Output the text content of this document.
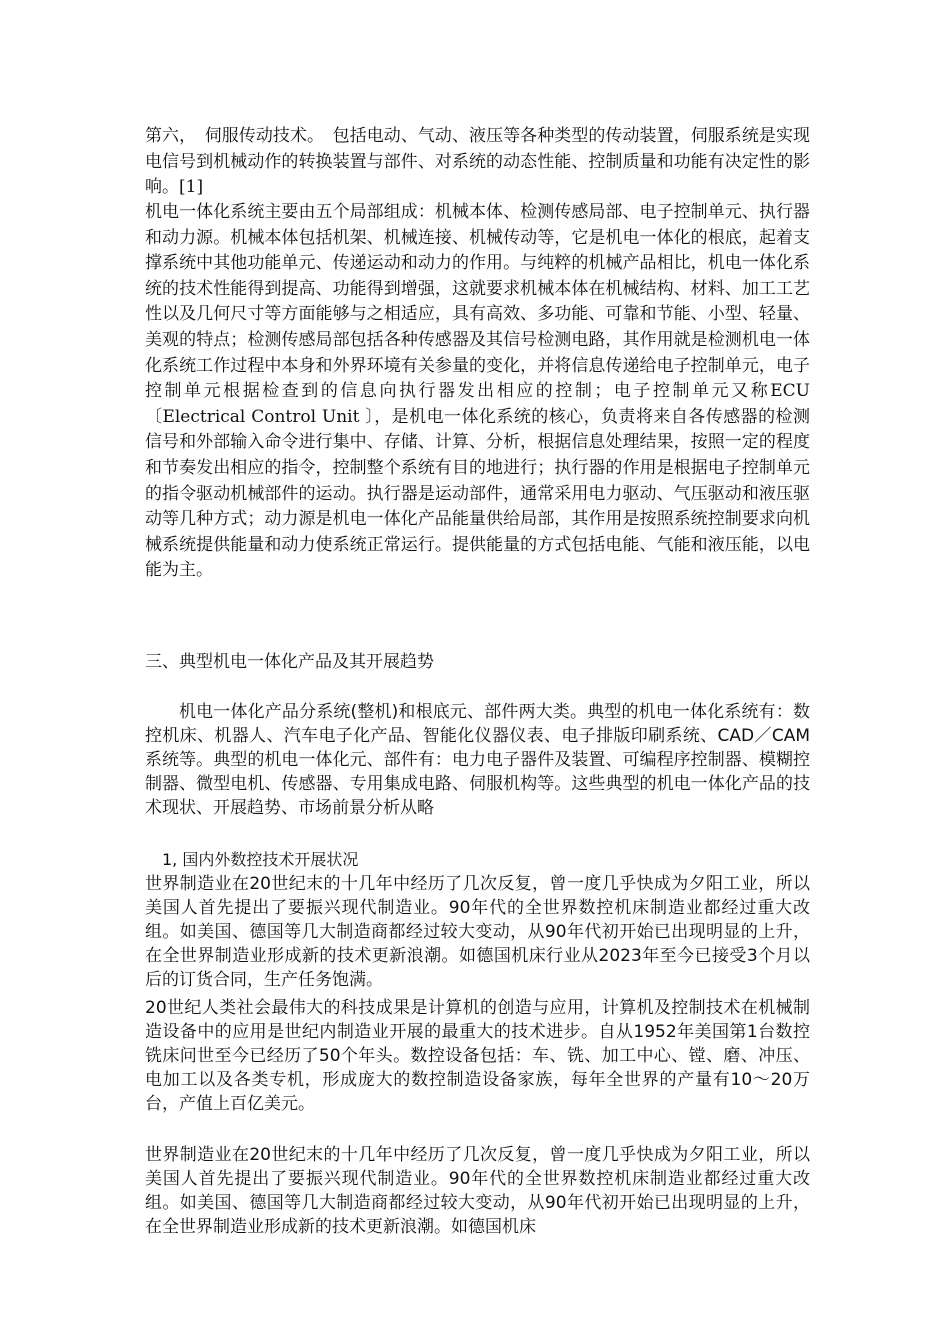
第六，　伺服传动技术。　包括电动、气动、液压等各种类型的传动装置，伺服系统是实现电信号到机械动作的转换装置与部件、对系统的动态性能、控制质量和功能有决定性的影响。[1]

机电一体化系统主要由五个局部组成：机械本体、检测传感局部、电子控制单元、执行器和动力源。机械本体包括机架、机械连接、机械传动等，它是机电一体化的根底，起着支撑系统中其他功能单元、传递运动和动力的作用。与纯粹的机械产品相比，机电一体化系统的技术性能得到提高、功能得到增强，这就要求机械本体在机械结构、材料、加工工艺性以及几何尺寸等方面能够与之相适应，具有高效、多功能、可靠和节能、小型、轻量、美观的特点；检测传感局部包括各种传感器及其信号检测电路，其作用就是检测机电一体化系统工作过程中本身和外界环境有关参量的变化，并将信息传递给电子控制单元，电子控制单元根据检查到的信息向执行器发出相应的控制；电子控制单元又称ECU〔Electrical Control Unit 〕，是机电一体化系统的核心，负责将来自各传感器的检测信号和外部输入命令进行集中、存储、计算、分析，根据信息处理结果，按照一定的程度和节奏发出相应的指令，控制整个系统有目的地进行；执行器的作用是根据电子控制单元的指令驱动机械部件的运动。执行器是运动部件，通常采用电力驱动、气压驱动和液压驱动等几种方式；动力源是机电一体化产品能量供给局部，其作用是按照系统控制要求向机械系统提供能量和动力使系统正常运行。提供能量的方式包括电能、气能和液压能，以电能为主。

三、典型机电一体化产品及其开展趋势

机电一体化产品分系统(整机)和根底元、部件两大类。典型的机电一体化系统有：数控机床、机器人、汽车电子化产品、智能化仪器仪表、电子排版印刷系统、CAD／CAM系统等。典型的机电一体化元、部件有：电力电子器件及装置、可编程序控制器、模糊控制器、微型电机、传感器、专用集成电路、伺服机构等。这些典型的机电一体化产品的技术现状、开展趋势、市场前景分析从略

1, 国内外数控技术开展状况

世界制造业在20世纪末的十几年中经历了几次反复，曾一度几乎快成为夕阳工业，所以美国人首先提出了要振兴现代制造业。90年代的全世界数控机床制造业都经过重大改组。如美国、德国等几大制造商都经过较大变动，从90年代初开始已出现明显的上升，在全世界制造业形成新的技术更新浪潮。如德国机床行业从2023年至今已接受3个月以后的订货合同，生产任务饱满。

20世纪人类社会最伟大的科技成果是计算机的创造与应用，计算机及控制技术在机械制造设备中的应用是世纪内制造业开展的最重大的技术进步。自从1952年美国第1台数控铣床问世至今已经历了50个年头。数控设备包括：车、铣、加工中心、镗、磨、冲压、电加工以及各类专机，形成庞大的数控制造设备家族，每年全世界的产量有10～20万台，产值上百亿美元。

世界制造业在20世纪末的十几年中经历了几次反复，曾一度几乎快成为夕阳工业，所以美国人首先提出了要振兴现代制造业。90年代的全世界数控机床制造业都经过重大改组。如美国、德国等几大制造商都经过较大变动，从90年代初开始已出现明显的上升，在全世界制造业形成新的技术更新浪潮。如德国机床
